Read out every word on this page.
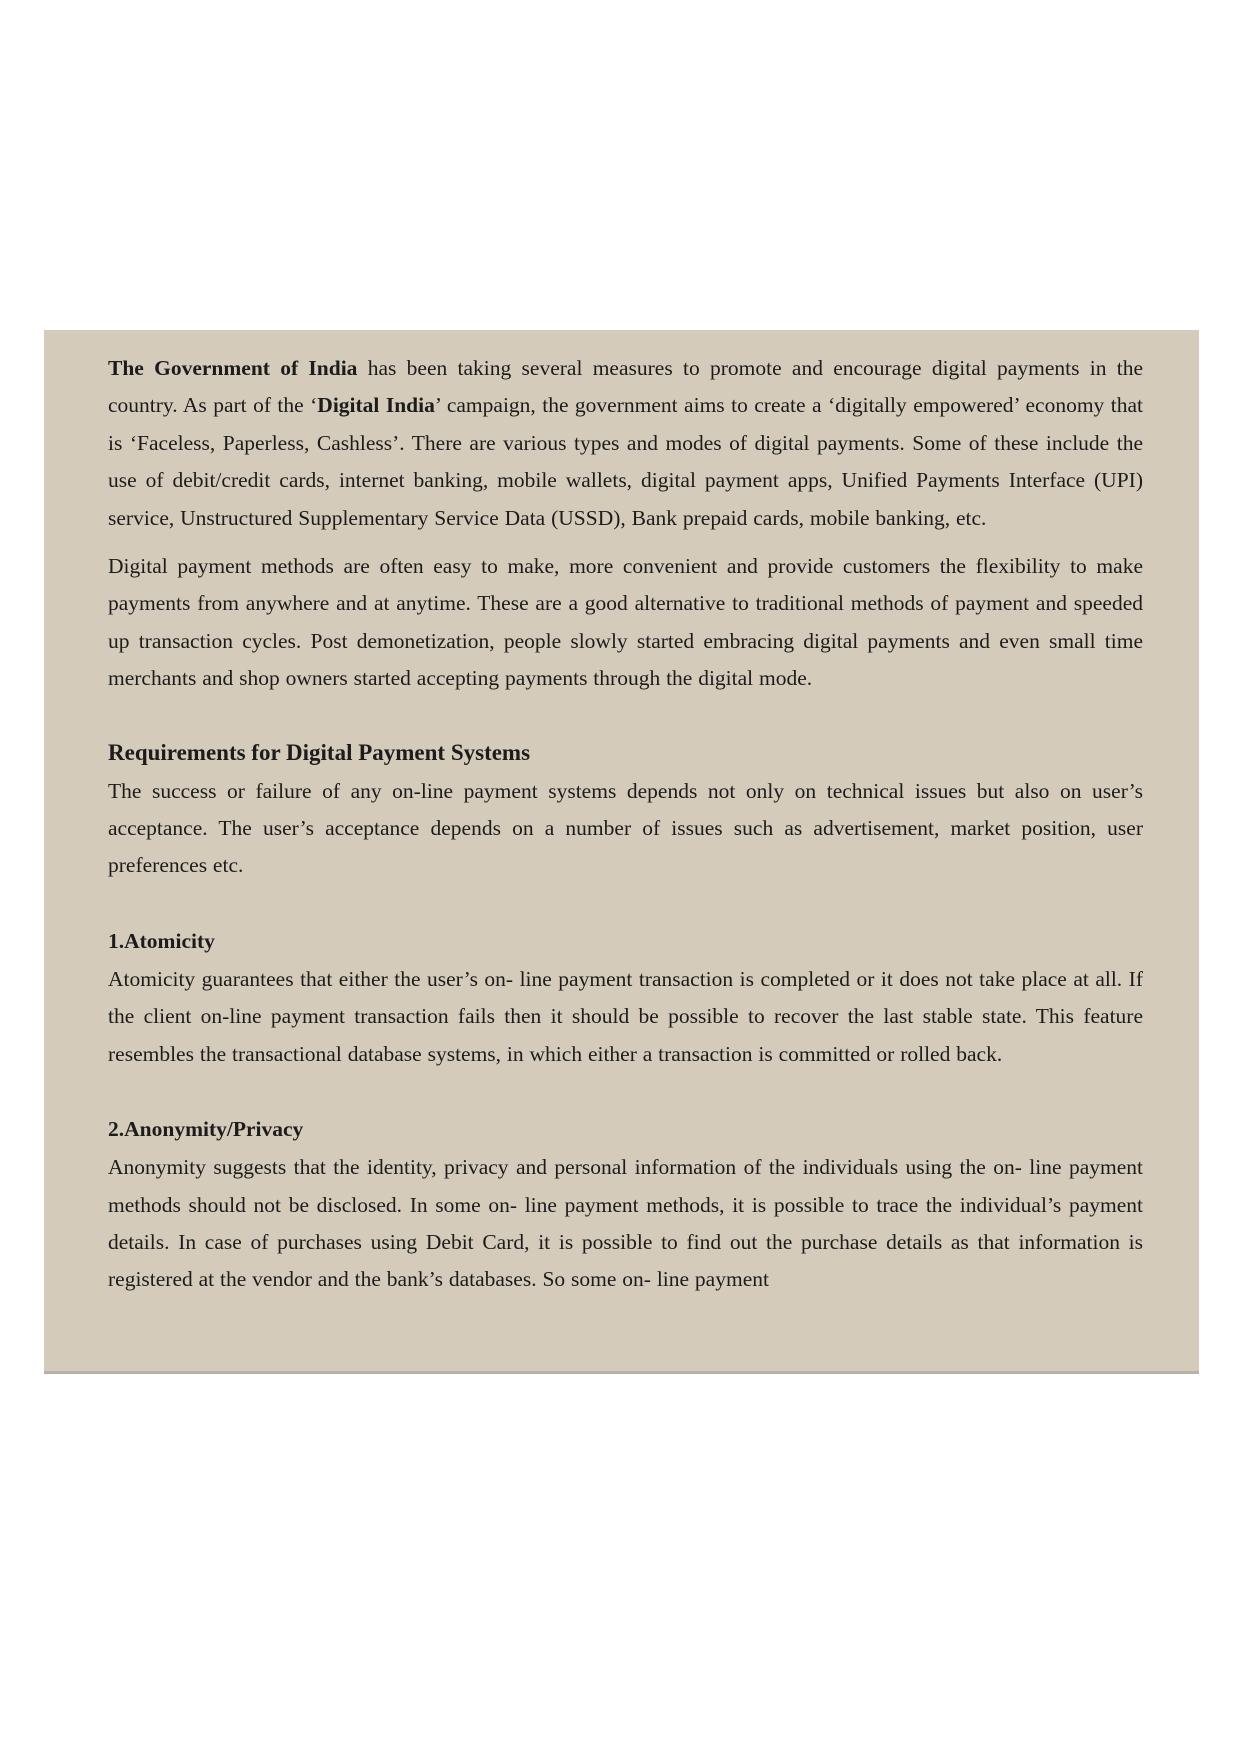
The Government of India has been taking several measures to promote and encourage digital payments in the country. As part of the ‘Digital India’ campaign, the government aims to create a ‘digitally empowered’ economy that is ‘Faceless, Paperless, Cashless’. There are various types and modes of digital payments. Some of these include the use of debit/credit cards, internet banking, mobile wallets, digital payment apps, Unified Payments Interface (UPI) service, Unstructured Supplementary Service Data (USSD), Bank prepaid cards, mobile banking, etc.

Digital payment methods are often easy to make, more convenient and provide customers the flexibility to make payments from anywhere and at anytime. These are a good alternative to traditional methods of payment and speeded up transaction cycles. Post demonetization, people slowly started embracing digital payments and even small time merchants and shop owners started accepting payments through the digital mode.

Requirements for Digital Payment Systems

The success or failure of any on-line payment systems depends not only on technical issues but also on user’s acceptance. The user’s acceptance depends on a number of issues such as advertisement, market position, user preferences etc.

1.Atomicity

Atomicity guarantees that either the user’s on- line payment transaction is completed or it does not take place at all. If the client on-line payment transaction fails then it should be possible to recover the last stable state. This feature resembles the transactional database systems, in which either a transaction is committed or rolled back.

2.Anonymity/Privacy

Anonymity suggests that the identity, privacy and personal information of the individuals using the on- line payment methods should not be disclosed. In some on- line payment methods, it is possible to trace the individual’s payment details. In case of purchases using Debit Card, it is possible to find out the purchase details as that information is registered at the vendor and the bank’s databases. So some on- line payment
